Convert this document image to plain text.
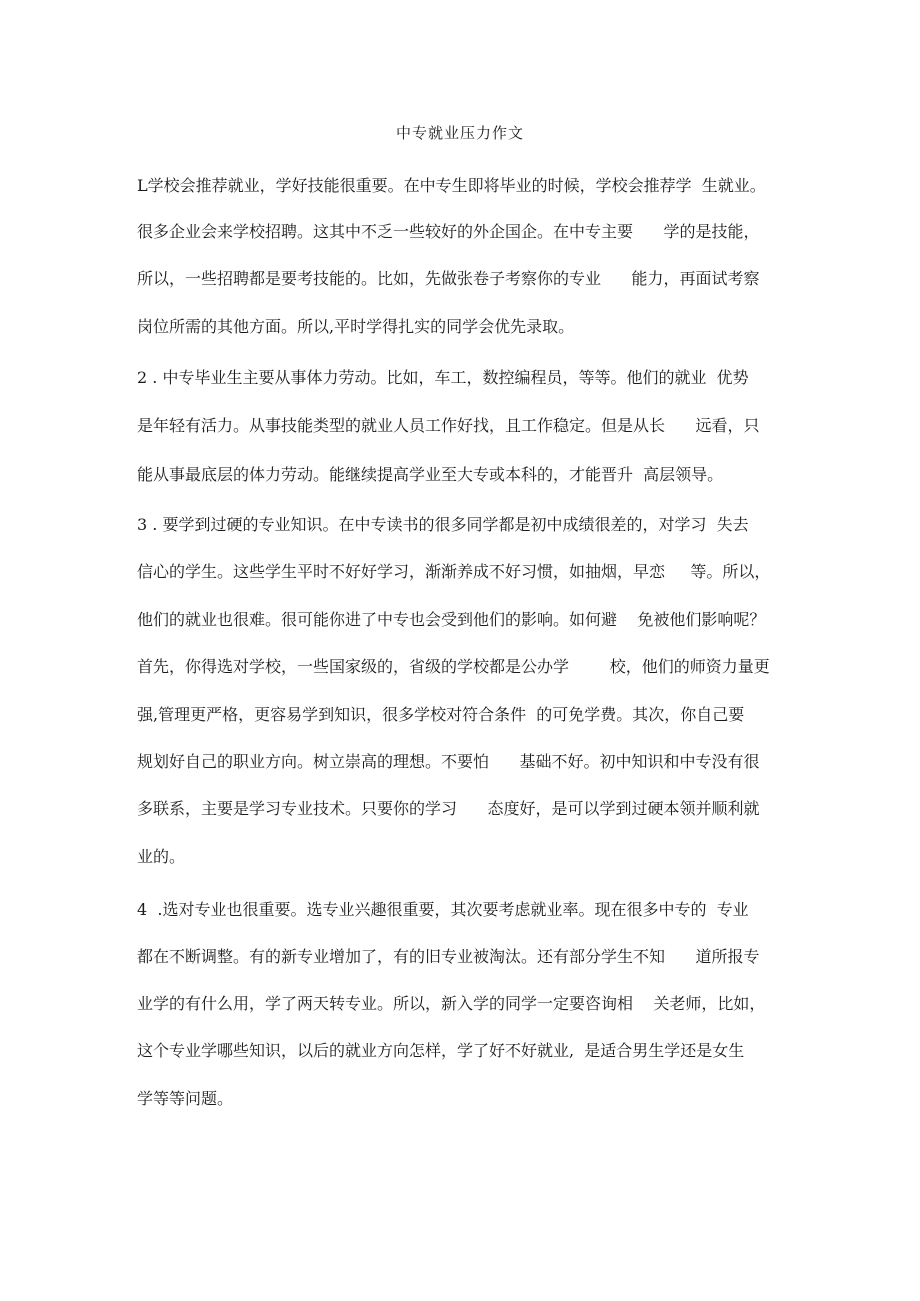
中专就业压力作文
L学校会推荐就业，学好技能很重要。在中专生即将毕业的时候，学校会推荐学  生就业。
很多企业会来学校招聘。这其中不乏一些较好的外企国企。在中专主要      学的是技能，
所以，一些招聘都是要考技能的。比如，先做张卷子考察你的专业      能力，再面试考察
岗位所需的其他方面。所以,平时学得扎实的同学会优先录取。
2 . 中专毕业生主要从事体力劳动。比如，车工，数控编程员，等等。他们的就业  优势
是年轻有活力。从事技能类型的就业人员工作好找，且工作稳定。但是从长      远看，只
能从事最底层的体力劳动。能继续提高学业至大专或本科的，才能晋升  高层领导。
3 . 要学到过硬的专业知识。在中专读书的很多同学都是初中成绩很差的，对学习  失去
信心的学生。这些学生平时不好好学习，渐渐养成不好习惯，如抽烟，早恋     等。所以，
他们的就业也很难。很可能你进了中专也会受到他们的影响。如何避    免被他们影响呢？
首先，你得选对学校，一些国家级的，省级的学校都是公办学        校，他们的师资力量更
强,管理更严格，更容易学到知识，很多学校对符合条件  的可免学费。其次，你自己要
规划好自己的职业方向。树立崇高的理想。不要怕      基础不好。初中知识和中专没有很
多联系，主要是学习专业技术。只要你的学习      态度好，是可以学到过硬本领并顺利就
业的。
4  .选对专业也很重要。选专业兴趣很重要，其次要考虑就业率。现在很多中专的  专业
都在不断调整。有的新专业增加了，有的旧专业被淘汰。还有部分学生不知      道所报专
业学的有什么用，学了两天转专业。所以，新入学的同学一定要咨询相    关老师，比如，
这个专业学哪些知识，以后的就业方向怎样，学了好不好就业,  是适合男生学还是女生
学等等问题。
